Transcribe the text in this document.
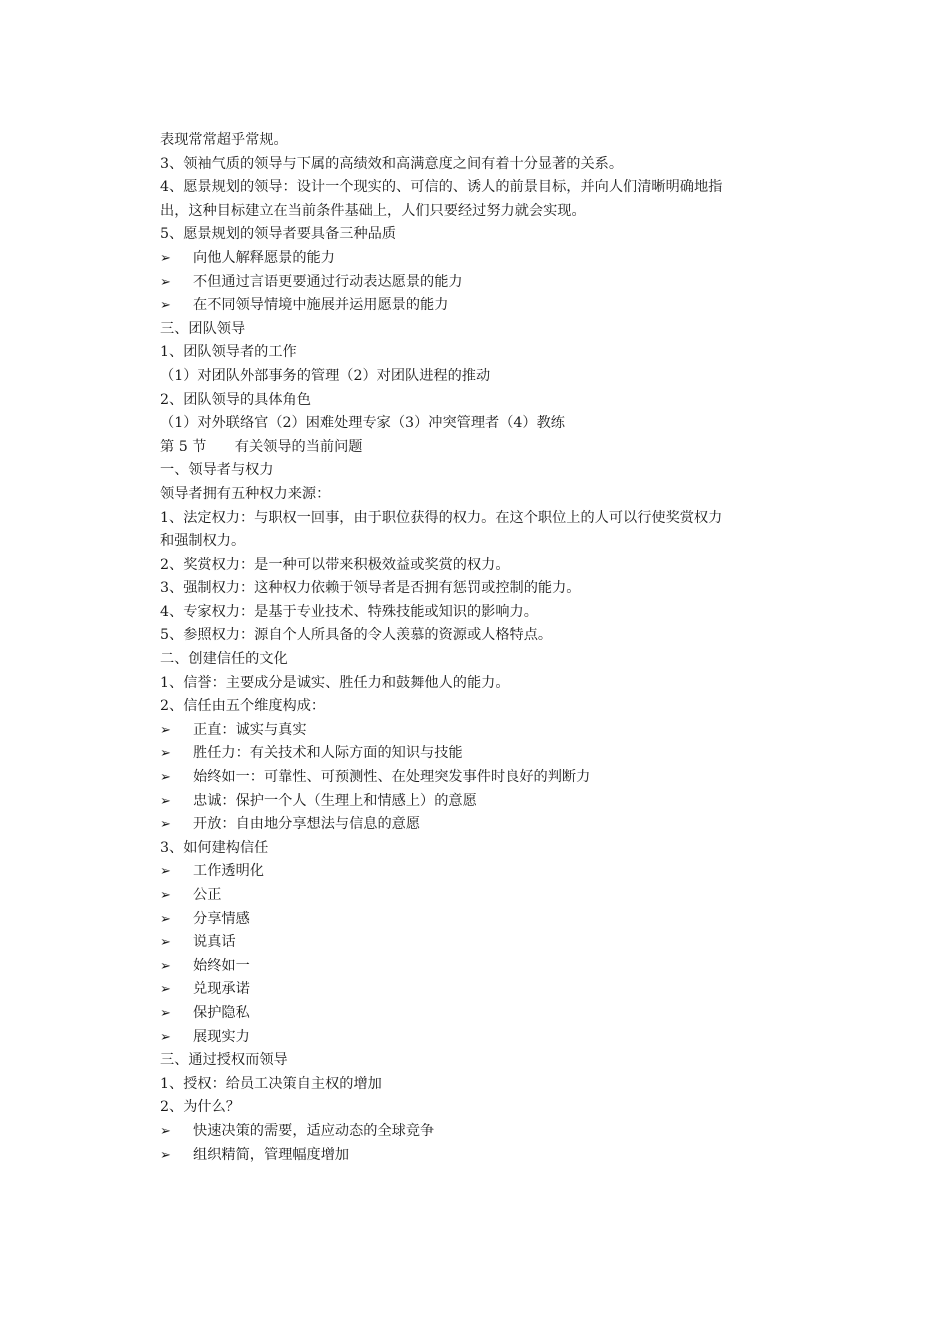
表现常常超乎常规。
3、领袖气质的领导与下属的高绩效和高满意度之间有着十分显著的关系。
4、愿景规划的领导：设计一个现实的、可信的、诱人的前景目标，并向人们清晰明确地指
出，这种目标建立在当前条件基础上，人们只要经过努力就会实现。
5、愿景规划的领导者要具备三种品质
➢	向他人解释愿景的能力
➢	不但通过言语更要通过行动表达愿景的能力
➢	在不同领导情境中施展并运用愿景的能力
三、团队领导
1、团队领导者的工作
（1）对团队外部事务的管理（2）对团队进程的推动
2、团队领导的具体角色
（1）对外联络官（2）困难处理专家（3）冲突管理者（4）教练
第 5 节　　有关领导的当前问题
一、领导者与权力
领导者拥有五种权力来源：
1、法定权力：与职权一回事，由于职位获得的权力。在这个职位上的人可以行使奖赏权力
和强制权力。
2、奖赏权力：是一种可以带来积极效益或奖赏的权力。
3、强制权力：这种权力依赖于领导者是否拥有惩罚或控制的能力。
4、专家权力：是基于专业技术、特殊技能或知识的影响力。
5、参照权力：源自个人所具备的令人羡慕的资源或人格特点。
二、创建信任的文化
1、信誉：主要成分是诚实、胜任力和鼓舞他人的能力。
2、信任由五个维度构成：
➢	正直：诚实与真实
➢	胜任力：有关技术和人际方面的知识与技能
➢	始终如一：可靠性、可预测性、在处理突发事件时良好的判断力
➢	忠诚：保护一个人（生理上和情感上）的意愿
➢	开放：自由地分享想法与信息的意愿
3、如何建构信任
➢	工作透明化
➢	公正
➢	分享情感
➢	说真话
➢	始终如一
➢	兑现承诺
➢	保护隐私
➢	展现实力
三、通过授权而领导
1、授权：给员工决策自主权的增加
2、为什么？
➢	快速决策的需要，适应动态的全球竞争
➢	组织精简，管理幅度增加
